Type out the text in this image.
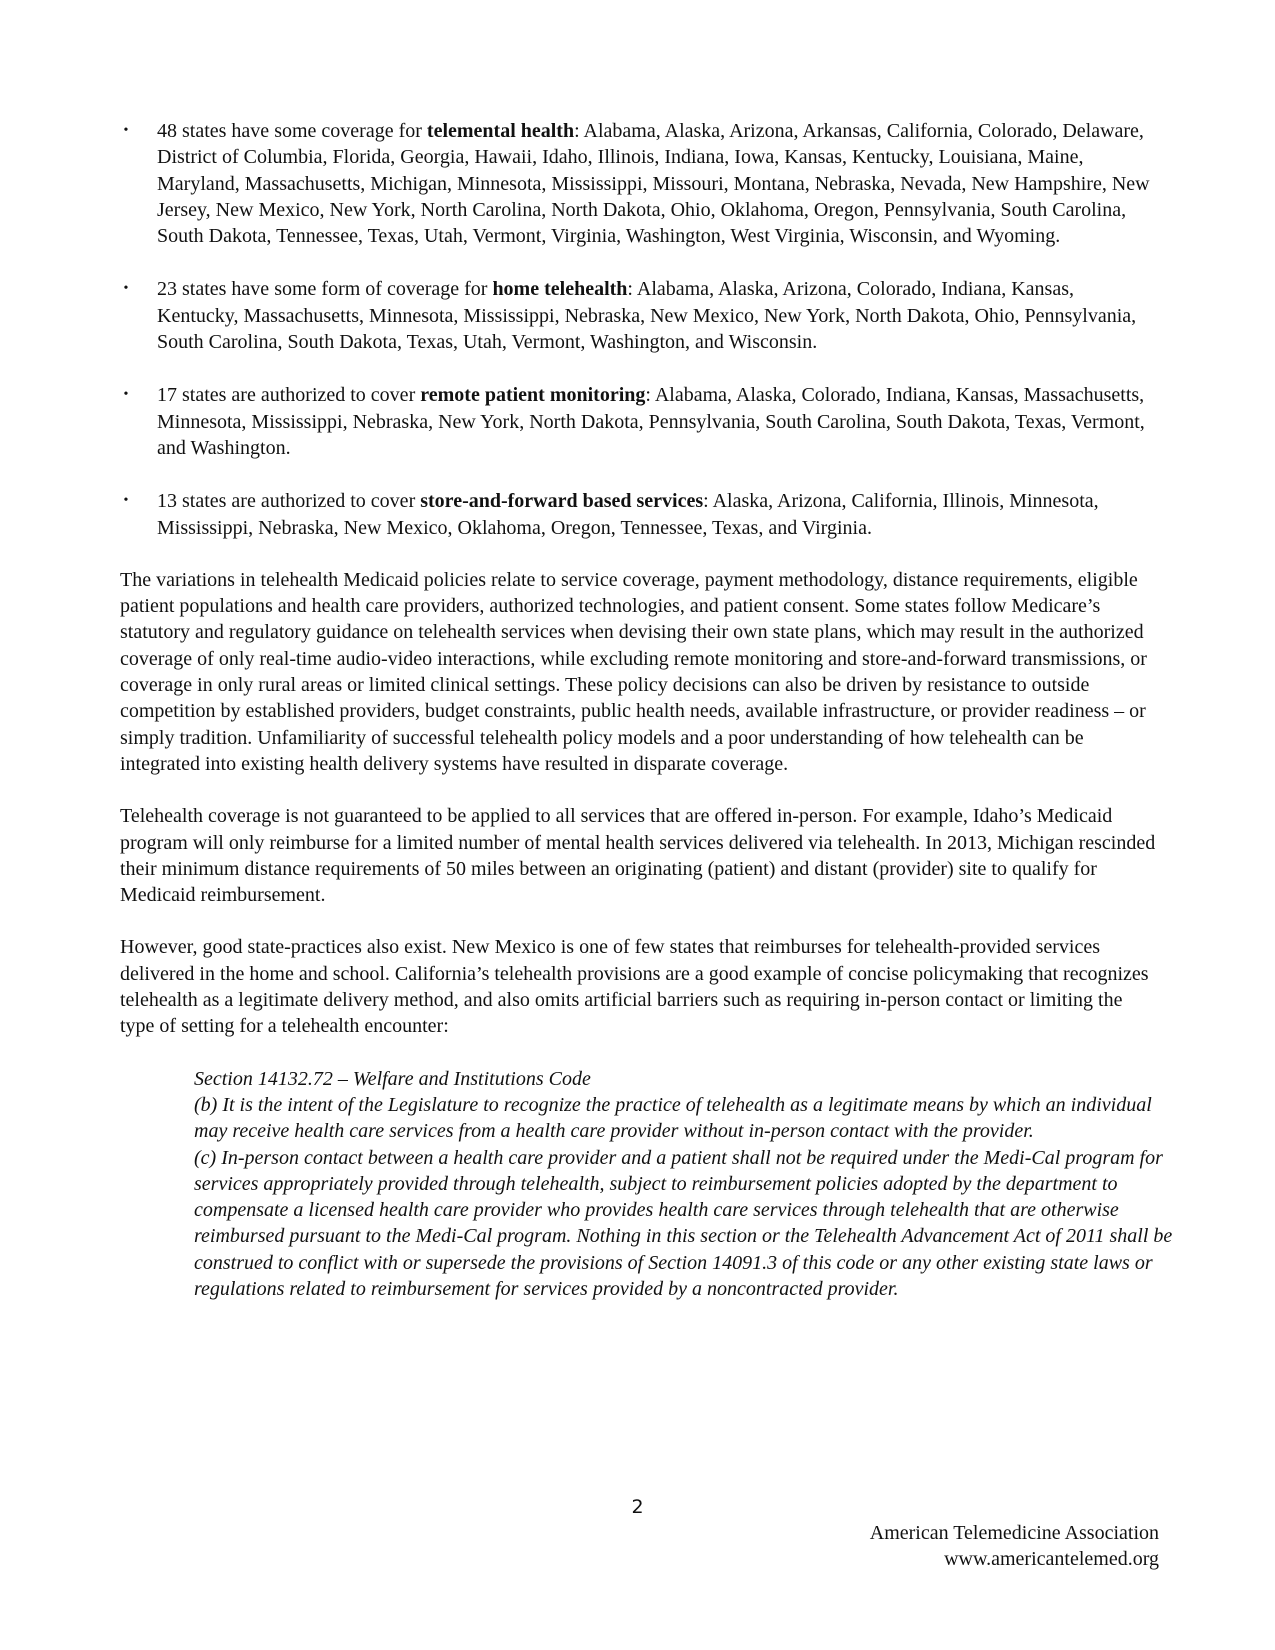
• 48 states have some coverage for telemental health: Alabama, Alaska, Arizona, Arkansas, California, Colorado, Delaware, District of Columbia, Florida, Georgia, Hawaii, Idaho, Illinois, Indiana, Iowa, Kansas, Kentucky, Louisiana, Maine, Maryland, Massachusetts, Michigan, Minnesota, Mississippi, Missouri, Montana, Nebraska, Nevada, New Hampshire, New Jersey, New Mexico, New York, North Carolina, North Dakota, Ohio, Oklahoma, Oregon, Pennsylvania, South Carolina, South Dakota, Tennessee, Texas, Utah, Vermont, Virginia, Washington, West Virginia, Wisconsin, and Wyoming.
• 23 states have some form of coverage for home telehealth: Alabama, Alaska, Arizona, Colorado, Indiana, Kansas, Kentucky, Massachusetts, Minnesota, Mississippi, Nebraska, New Mexico, New York, North Dakota, Ohio, Pennsylvania, South Carolina, South Dakota, Texas, Utah, Vermont, Washington, and Wisconsin.
• 17 states are authorized to cover remote patient monitoring: Alabama, Alaska, Colorado, Indiana, Kansas, Massachusetts, Minnesota, Mississippi, Nebraska, New York, North Dakota, Pennsylvania, South Carolina, South Dakota, Texas, Vermont, and Washington.
• 13 states are authorized to cover store-and-forward based services: Alaska, Arizona, California, Illinois, Minnesota, Mississippi, Nebraska, New Mexico, Oklahoma, Oregon, Tennessee, Texas, and Virginia.

The variations in telehealth Medicaid policies relate to service coverage, payment methodology, distance requirements, eligible patient populations and health care providers, authorized technologies, and patient consent. Some states follow Medicare’s statutory and regulatory guidance on telehealth services when devising their own state plans, which may result in the authorized coverage of only real-time audio-video interactions, while excluding remote monitoring and store-and-forward transmissions, or coverage in only rural areas or limited clinical settings. These policy decisions can also be driven by resistance to outside competition by established providers, budget constraints, public health needs, available infrastructure, or provider readiness – or simply tradition. Unfamiliarity of successful telehealth policy models and a poor understanding of how telehealth can be integrated into existing health delivery systems have resulted in disparate coverage.

Telehealth coverage is not guaranteed to be applied to all services that are offered in-person. For example, Idaho’s Medicaid program will only reimburse for a limited number of mental health services delivered via telehealth. In 2013, Michigan rescinded their minimum distance requirements of 50 miles between an originating (patient) and distant (provider) site to qualify for Medicaid reimbursement.

However, good state-practices also exist. New Mexico is one of few states that reimburses for telehealth-provided services delivered in the home and school. California’s telehealth provisions are a good example of concise policymaking that recognizes telehealth as a legitimate delivery method, and also omits artificial barriers such as requiring in-person contact or limiting the type of setting for a telehealth encounter:

Section 14132.72 – Welfare and Institutions Code

(b) It is the intent of the Legislature to recognize the practice of telehealth as a legitimate means by which an individual may receive health care services from a health care provider without in-person contact with the provider.

(c) In-person contact between a health care provider and a patient shall not be required under the Medi-Cal program for services appropriately provided through telehealth, subject to reimbursement policies adopted by the department to compensate a licensed health care provider who provides health care services through telehealth that are otherwise reimbursed pursuant to the Medi-Cal program. Nothing in this section or the Telehealth Advancement Act of 2011 shall be construed to conflict with or supersede the provisions of Section 14091.3 of this code or any other existing state laws or regulations related to reimbursement for services provided by a noncontracted provider.

2
American Telemedicine Association
www.americantelemed.org
